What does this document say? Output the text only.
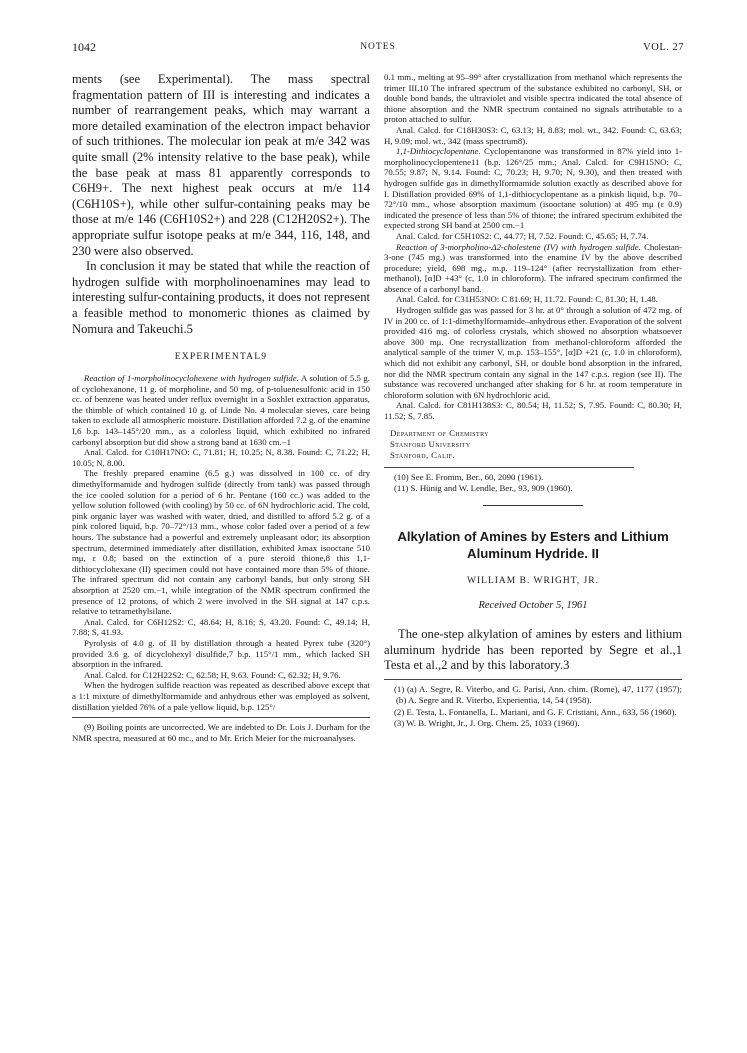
1042	NOTES	VOL. 27

ments (see Experimental). The mass spectral fragmentation pattern of III is interesting and indicates a number of rearrangement peaks, which may warrant a more detailed examination of the electron impact behavior of such trithiones. The molecular ion peak at m/e 342 was quite small (2% intensity relative to the base peak), while the base peak at mass 81 apparently corresponds to C6H9+. The next highest peak occurs at m/e 114 (C6H10S+), while other sulfur-containing peaks may be those at m/e 146 (C6H10S2+) and 228 (C12H20S2+). The appropriate sulfur isotope peaks at m/e 344, 116, 148, and 230 were also observed.

In conclusion it may be stated that while the reaction of hydrogen sulfide with morpholinoenamines may lead to interesting sulfur-containing products, it does not represent a feasible method to monomeric thiones as claimed by Nomura and Takeuchi.5

EXPERIMENTAL9

Reaction of 1-morpholinocyclohexene with hydrogen sulfide. A solution of 5.5 g. of cyclohexanone, 11 g. of morpholine, and 50 mg. of p-toluenesulfonic acid in 150 cc. of benzene was heated under reflux overnight in a Soxhlet extraction apparatus, the thimble of which contained 10 g. of Linde No. 4 molecular sieves, care being taken to exclude all atmospheric moisture. Distillation afforded 7.2 g. of the enamine I,6 b.p. 143–145°/20 mm., as a colorless liquid, which exhibited no infrared carbonyl absorption but did show a strong band at 1630 cm.−1

Anal. Calcd. for C10H17NO: C, 71.81; H, 10.25; N, 8.38. Found: C, 71.22; H, 10.05; N, 8.00.

The freshly prepared enamine (6.5 g.) was dissolved in 100 cc. of dry dimethylformamide and hydrogen sulfide (directly from tank) was passed through the ice cooled solution for a period of 6 hr. Pentane (160 cc.) was added to the yellow solution followed (with cooling) by 50 cc. of 6N hydrochloric acid. The cold, pink organic layer was washed with water, dried, and distilled to afford 5.2 g. of a pink colored liquid, b.p. 70–72°/13 mm., whose color faded over a period of a few hours. The substance had a powerful and extremely unpleasant odor; its absorption spectrum, determined immediately after distillation, exhibited λmax isooctane 510 mμ, ε 0.8; based on the extinction of a pure steroid thione,8 this 1,1-dithiocyclohexane (II) specimen could not have contained more than 5% of thione. The infrared spectrum did not contain any carbonyl bands, but only strong SH absorption at 2520 cm.−1, while integration of the NMR spectrum confirmed the presence of 12 protons, of which 2 were involved in the SH signal at 147 c.p.s. relative to tetramethylsilane.

Anal. Calcd. for C6H12S2: C, 48.64; H, 8.16; S, 43.20. Found: C, 49.14; H, 7.88; S, 41.93.

Pyrolysis of 4.0 g. of II by distillation through a heated Pyrex tube (320°) provided 3.6 g. of dicyclohexyl disulfide,7 b.p. 115°/1 mm., which lacked SH absorption in the infrared.

Anal. Calcd. for C12H22S2: C, 62.58; H, 9.63. Found: C, 62.32; H, 9.76.

When the hydrogen sulfide reaction was repeated as described above except that a 1:1 mixture of dimethylformamide and anhydrous ether was employed as solvent, distillation yielded 76% of a pale yellow liquid, b.p. 125°/

(9) Boiling points are uncorrected. We are indebted to Dr. Lois J. Durham for the NMR spectra, measured at 60 mc., and to Mr. Erich Meier for the microanalyses.

0.1 mm., melting at 95–99° after crystallization from methanol which represents the trimer III.10 The infrared spectrum of the substance exhibited no carbonyl, SH, or double bond bands, the ultraviolet and visible spectra indicated the total absence of thione absorption and the NMR spectrum contained no signals attributable to a proton attached to sulfur.

Anal. Calcd. for C18H30S3: C, 63.13; H, 8.83; mol. wt., 342. Found: C, 63.63; H, 9.09; mol. wt., 342 (mass spectrum8).

1,1-Dithiocyclopentane. Cyclopentanone was transformed in 87% yield into 1-morpholinocyclopentene11 (b.p. 126°/25 mm.; Anal. Calcd. for C9H15NO: C, 70.55; 9.87; N, 9.14. Found: C, 70.23; H, 9.70; N, 9.30), and then treated with hydrogen sulfide gas in dimethylformamide solution exactly as described above for I. Distillation provided 69% of 1,1-dithiocyclopentane as a pinkish liquid, b.p. 70–72°/10 mm., whose absorption maximum (isooctane solution) at 495 mμ (ε 0.9) indicated the presence of less than 5% of thione; the infrared spectrum exhibited the expected strong SH band at 2500 cm.−1

Anal. Calcd. for C5H10S2: C, 44.77; H, 7.52. Found: C, 45.65; H, 7.74.

Reaction of 3-morpholino-Δ2-cholestene (IV) with hydrogen sulfide. Cholestan-3-one (745 mg.) was transformed into the enamine IV by the above described procedure; yield, 698 mg., m.p. 119–124° (after recrystallization from ether-methanol), [α]D +43° (c, 1.0 in chloroform). The infrared spectrum confirmed the absence of a carbonyl band.

Anal. Calcd. for C31H53NO: C 81.69; H, 11.72. Found: C, 81.30; H, 1.48.

Hydrogen sulfide gas was passed for 3 hr. at 0° through a solution of 472 mg. of IV in 200 cc. of 1:1-dimethylformamide–anhydrous ether. Evaporation of the solvent provided 416 mg. of colorless crystals, which showed no absorption whatsoever above 300 mμ. One recrystallization from methanol-chloroform afforded the analytical sample of the trimer V, m.p. 153–155°, [α]D +21 (c, 1.0 in chloroform), which did not exhibit any carbonyl, SH, or double bond absorption in the infrared, nor did the NMR spectrum contain any signal in the 147 c.p.s. region (see II). The substance was recovered unchanged after shaking for 6 hr. at room temperature in chloroform solution with 6N hydrochloric acid.

Anal. Calcd. for C81H138S3: C, 80.54; H, 11.52; S, 7.95. Found: C, 80.30; H, 11.52; S, 7.85.

Department of Chemistry
Stanford University
Stanford, Calif.

(10) See E. Fromm, Ber., 60, 2090 (1961).

(11) S. Hünig and W. Lendle, Ber., 93, 909 (1960).

Alkylation of Amines by Esters and Lithium Aluminum Hydride. II
WILLIAM B. WRIGHT, JR.
Received October 5, 1961

The one-step alkylation of amines by esters and lithium aluminum hydride has been reported by Segre et al.,1 Testa et al.,2 and by this laboratory.3

(1) (a) A. Segre, R. Viterbo, and G. Parisi, Ann. chim. (Rome), 47, 1177 (1957); (b) A. Segre and R. Viterbo, Experientia, 14, 54 (1958).

(2) E. Testa, L. Fontanella, L. Mariani, and G. F. Cristiani, Ann., 633, 56 (1960).

(3) W. B. Wright, Jr., J. Org. Chem. 25, 1033 (1960).
